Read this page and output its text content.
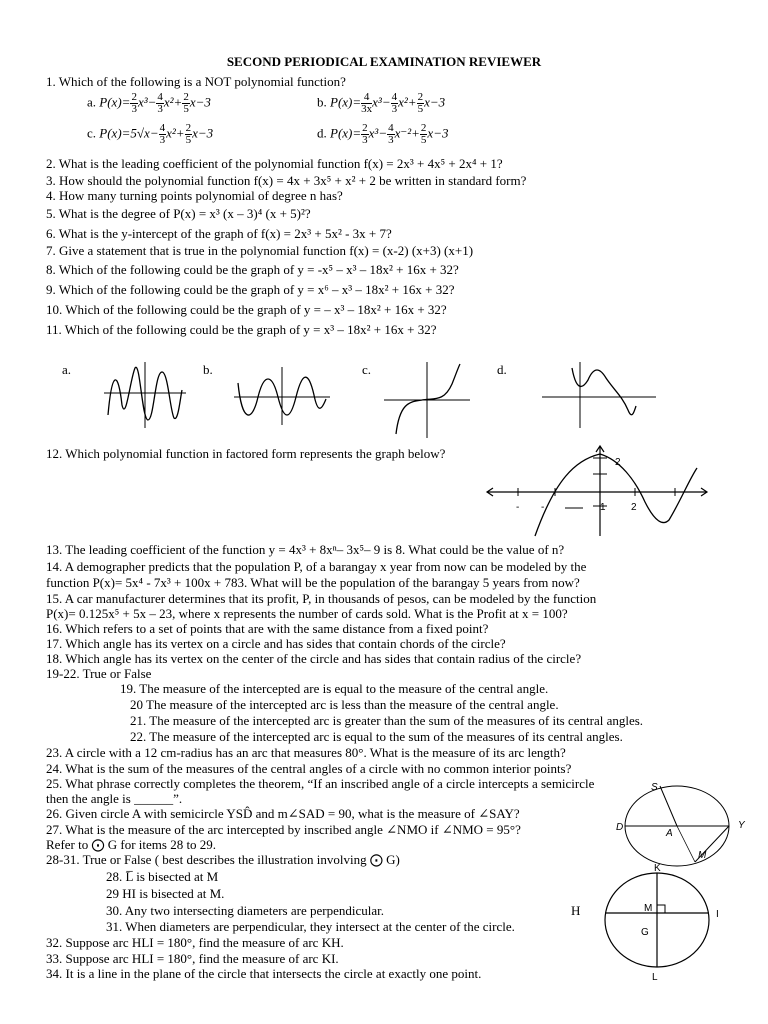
SECOND PERIODICAL EXAMINATION REVIEWER
1. Which of the following is a NOT polynomial function?
a. $P(x)= \frac{2}{3} x^3- \frac{4}{3} x^2+ \frac{2}{5} x-3$	b. $P(x)= \frac{4}{3x} x^3- \frac{4}{3} x^2+ \frac{2}{5} x-3$
c. $P(x)=5√x- \frac{4}{3} x^2+ \frac{2}{5} x-3$	d. $P(x)= \frac{2}{3} x^3- \frac{4}{3} x^{-2}+ \frac{2}{5} x-3$
2. What is the leading coefficient of the polynomial function f(x) = 2x³ + 4x⁵ + 2x⁴ + 1?
3. How should the polynomial function f(x) = 4x + 3x⁵ + x² + 2 be written in standard form?
4. How many turning points polynomial of degree n has?
5. What is the degree of P(x) = x³ (x – 3)⁴ (x + 5)²?
6. What is the y-intercept of the graph of f(x) = 2x³ + 5x² - 3x + 7?
7. Give a statement that is true in the polynomial function f(x) = (x-2) (x+3) (x+1)
8. Which of the following could be the graph of y = -x⁵ – x³ – 18x² + 16x + 32?
9. Which of the following could be the graph of y = x⁶ – x³ – 18x² + 16x + 32?
10. Which of the following could be the graph of y = – x³ – 18x² + 16x + 32?
11. Which of the following could be the graph of y = x³ – 18x² + 16x + 32?
a.	b.	c.	d.
12. Which polynomial function in factored form represents the graph below?
2
1	2
- -
13. The leading coefficient of the function y = 4x³ + 8xⁿ– 3x⁵– 9 is 8. What could be the value of n?
14. A demographer predicts that the population P, of a barangay x year from now can be modeled by the
function P(x)= 5x⁴ - 7x³ + 100x + 783. What will be the population of the barangay 5 years from now?
15. A car manufacturer determines that its profit, P, in thousands of pesos, can be modeled by the function
P(x)= 0.125x⁵ + 5x – 23, where x represents the number of cards sold. What is the Profit at x = 100?
16. Which refers to a set of points that are with the same distance from a fixed point?
17. Which angle has its vertex on a circle and has sides that contain chords of the circle?
18. Which angle has its vertex on the center of the circle and has sides that contain radius of the circle?
19-22. True or False
19. The measure of the intercepted are is equal to the measure of the central angle.
20 The measure of the intercepted arc is less than the measure of the central angle.
21. The measure of the intercepted arc is greater than the sum of the measures of its central angles.
22. The measure of the intercepted arc is equal to the sum of the measures of its central angles.
23. A circle with a 12 cm-radius has an arc that measures 80°. What is the measure of its arc length?
24. What is the sum of the measures of the central angles of a circle with no common interior points?
25. What phrase correctly completes the theorem, “If an inscribed angle of a circle intercepts a semicircle
then the angle is ______”.
26. Given circle A with semicircle YSD̂ and m∠SAD = 90, what is the measure of ∠SAY?
27. What is the measure of the arc intercepted by inscribed angle ∠NMO if ∠NMO = 95°?
Refer to ⨀ G for items 28 to 29.
28-31. True or False ( best describes the illustration involving ⨀ G)
28. L̅ is bisected at M
29 HI is bisected at M.
30. Any two intersecting diameters are perpendicular.
31. When diameters are perpendicular, they intersect at the center of the circle.
32. Suppose arc HLI = 180°, find the measure of arc KH.
33. Suppose arc HLI = 180°, find the measure of arc KI.
34. It is a line in the plane of the circle that intersects the circle at exactly one point.
S
D
A
Y
M
K
H	M
I
G
L
